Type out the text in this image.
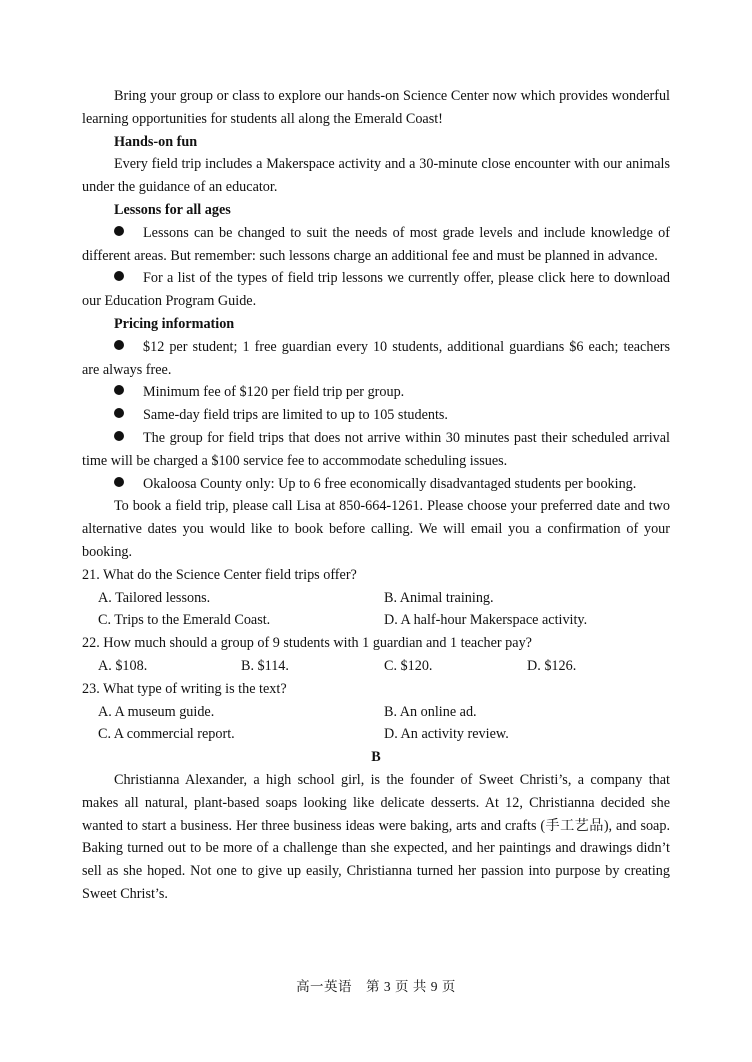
Bring your group or class to explore our hands-on Science Center now which provides wonderful learning opportunities for students all along the Emerald Coast!

Hands-on fun

Every field trip includes a Makerspace activity and a 30-minute close encounter with our animals under the guidance of an educator.

Lessons for all ages

Lessons can be changed to suit the needs of most grade levels and include knowledge of different areas. But remember: such lessons charge an additional fee and must be planned in advance.

For a list of the types of field trip lessons we currently offer, please click here to download our Education Program Guide.

Pricing information

$12 per student; 1 free guardian every 10 students, additional guardians $6 each; teachers are always free.

Minimum fee of $120 per field trip per group.

Same-day field trips are limited to up to 105 students.

The group for field trips that does not arrive within 30 minutes past their scheduled arrival time will be charged a $100 service fee to accommodate scheduling issues.

Okaloosa County only: Up to 6 free economically disadvantaged students per booking.

To book a field trip, please call Lisa at 850-664-1261. Please choose your preferred date and two alternative dates you would like to book before calling. We will email you a confirmation of your booking.

21. What do the Science Center field trips offer?

A. Tailored lessons.	B. Animal training.
C. Trips to the Emerald Coast.	D. A half-hour Makerspace activity.

22. How much should a group of 9 students with 1 guardian and 1 teacher pay?

A. $108.	B. $114.	C. $120.	D. $126.

23. What type of writing is the text?

A. A museum guide.	B. An online ad.
C. A commercial report.	D. An activity review.

B

Christianna Alexander, a high school girl, is the founder of Sweet Christi’s, a company that makes all natural, plant-based soaps looking like delicate desserts. At 12, Christianna decided she wanted to start a business. Her three business ideas were baking, arts and crafts (手工艺品), and soap. Baking turned out to be more of a challenge than she expected, and her paintings and drawings didn’t sell as she hoped. Not one to give up easily, Christianna turned her passion into purpose by creating Sweet Christ’s.

高一英语　第 3 页 共 9 页
